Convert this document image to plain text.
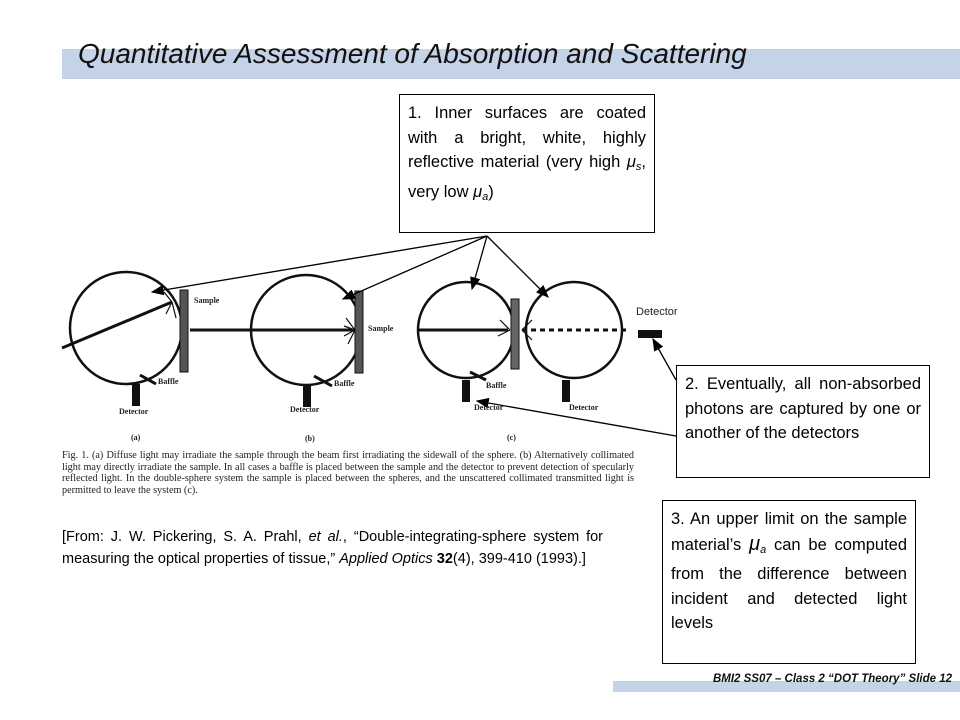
Quantitative Assessment of Absorption and Scattering
Sample
Sample
Baffle	Baffle	Baffle
Detector	Detector	Detector	Detector
(a)	(b)	(c)
Detector
Fig. 1. (a) Diffuse light may irradiate the sample through the beam first irradiating the sidewall of the sphere. (b) Alternatively collimated light may directly irradiate the sample. In all cases a baffle is placed between the sample and the detector to prevent detection of specularly reflected light. In the double-sphere system the sample is placed between the spheres, and the unscattered collimated transmitted light is permitted to leave the system (c).
1. Inner surfaces are coated with a bright, white, highly reflective material (very high $\mu_s$, very low $\mu_a$)
2. Eventually, all non-absorbed photons are captured by one or another of the detectors
3. An upper limit on the sample material’s $\mu_a$ can be computed from the difference between incident and detected light levels
[From: J. W. Pickering, S. A. Prahl, et al., “Double-integrating-sphere system for measuring the optical properties of tissue,” Applied Optics 32(4), 399-410 (1993).]
BMI2 SS07 – Class 2 “DOT Theory” Slide 12
